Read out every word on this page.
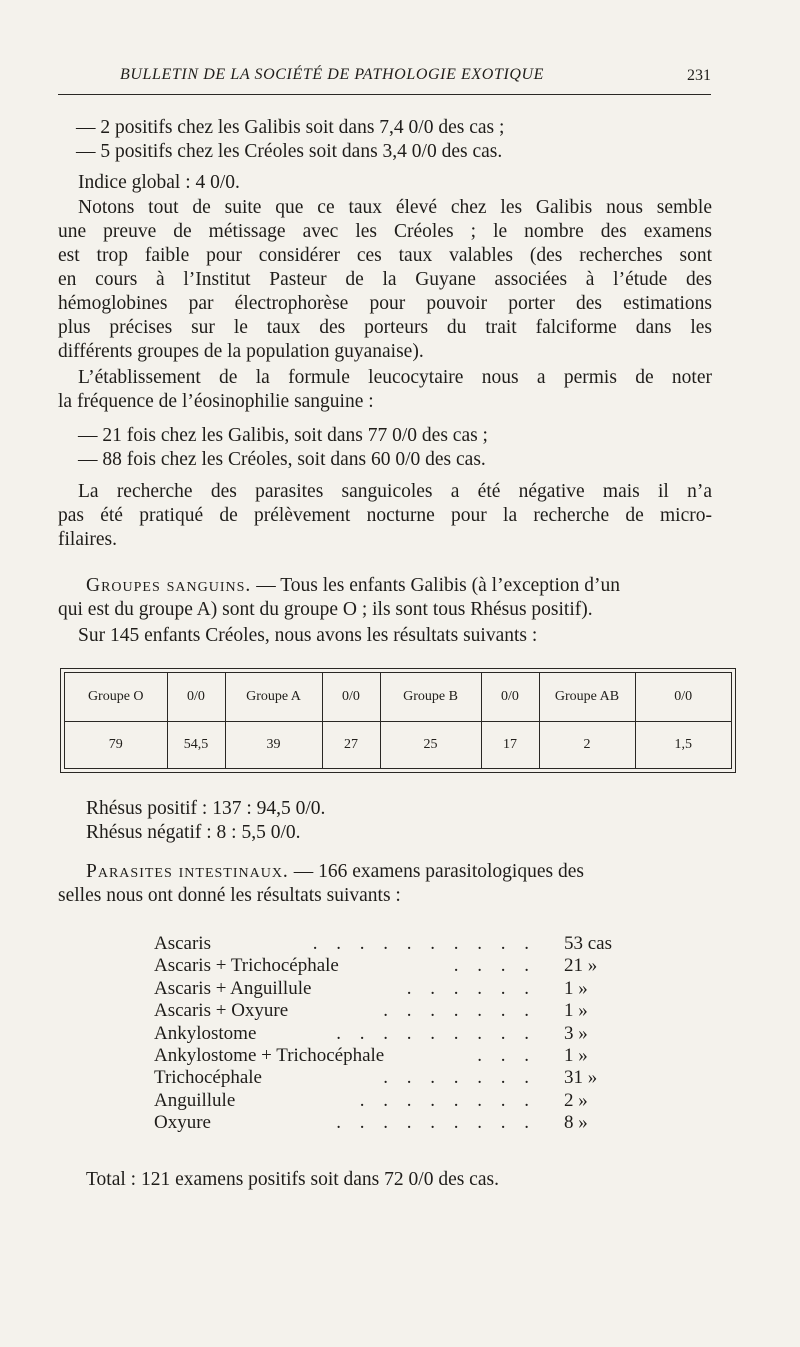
BULLETIN DE LA SOCIÉTÉ DE PATHOLOGIE EXOTIQUE	231
— 2 positifs chez les Galibis soit dans 7,4 0/0 des cas ;
— 5 positifs chez les Créoles soit dans 3,4 0/0 des cas.
Indice global : 4 0/0.
Notons tout de suite que ce taux élevé chez les Galibis nous semble
une preuve de métissage avec les Créoles ; le nombre des examens
est trop faible pour considérer ces taux valables (des recherches sont
en cours à l’Institut Pasteur de la Guyane associées à l’étude des
hémoglobines par électrophorèse pour pouvoir porter des estimations
plus précises sur le taux des porteurs du trait falciforme dans les
différents groupes de la population guyanaise).
L’établissement de la formule leucocytaire nous a permis de noter
la fréquence de l’éosinophilie sanguine :
— 21 fois chez les Galibis, soit dans 77 0/0 des cas ;
— 88 fois chez les Créoles, soit dans 60 0/0 des cas.
La recherche des parasites sanguicoles a été négative mais il n’a
pas été pratiqué de prélèvement nocturne pour la recherche de micro-
filaires.
Groupes sanguins. — Tous les enfants Galibis (à l’exception d’un
qui est du groupe A) sont du groupe O ; ils sont tous Rhésus positif).
Sur 145 enfants Créoles, nous avons les résultats suivants :
Groupe O	0/0	Groupe A	0/0	Groupe B	0/0	Groupe AB	0/0
79	54,5	39	27	25	17	2	1,5
Rhésus positif : 137 : 94,5 0/0.
Rhésus négatif : 8 : 5,5 0/0.
Parasites intestinaux. — 166 examens parasitologiques des
selles nous ont donné les résultats suivants :
Ascaris	. . . . . . . . . . 53 cas
Ascaris + Trichocéphale	. . . . 21 »
Ascaris + Anguillule	. . . . . . 1 »
Ascaris + Oxyure	. . . . . . . 1 »
Ankylostome	. . . . . . . . . 3 »
Ankylostome + Trichocéphale	. . . 1 »
Trichocéphale	. . . . . . . 31 »
Anguillule	. . . . . . . . 2 »
Oxyure	. . . . . . . . . 8 »
Total : 121 examens positifs soit dans 72 0/0 des cas.
